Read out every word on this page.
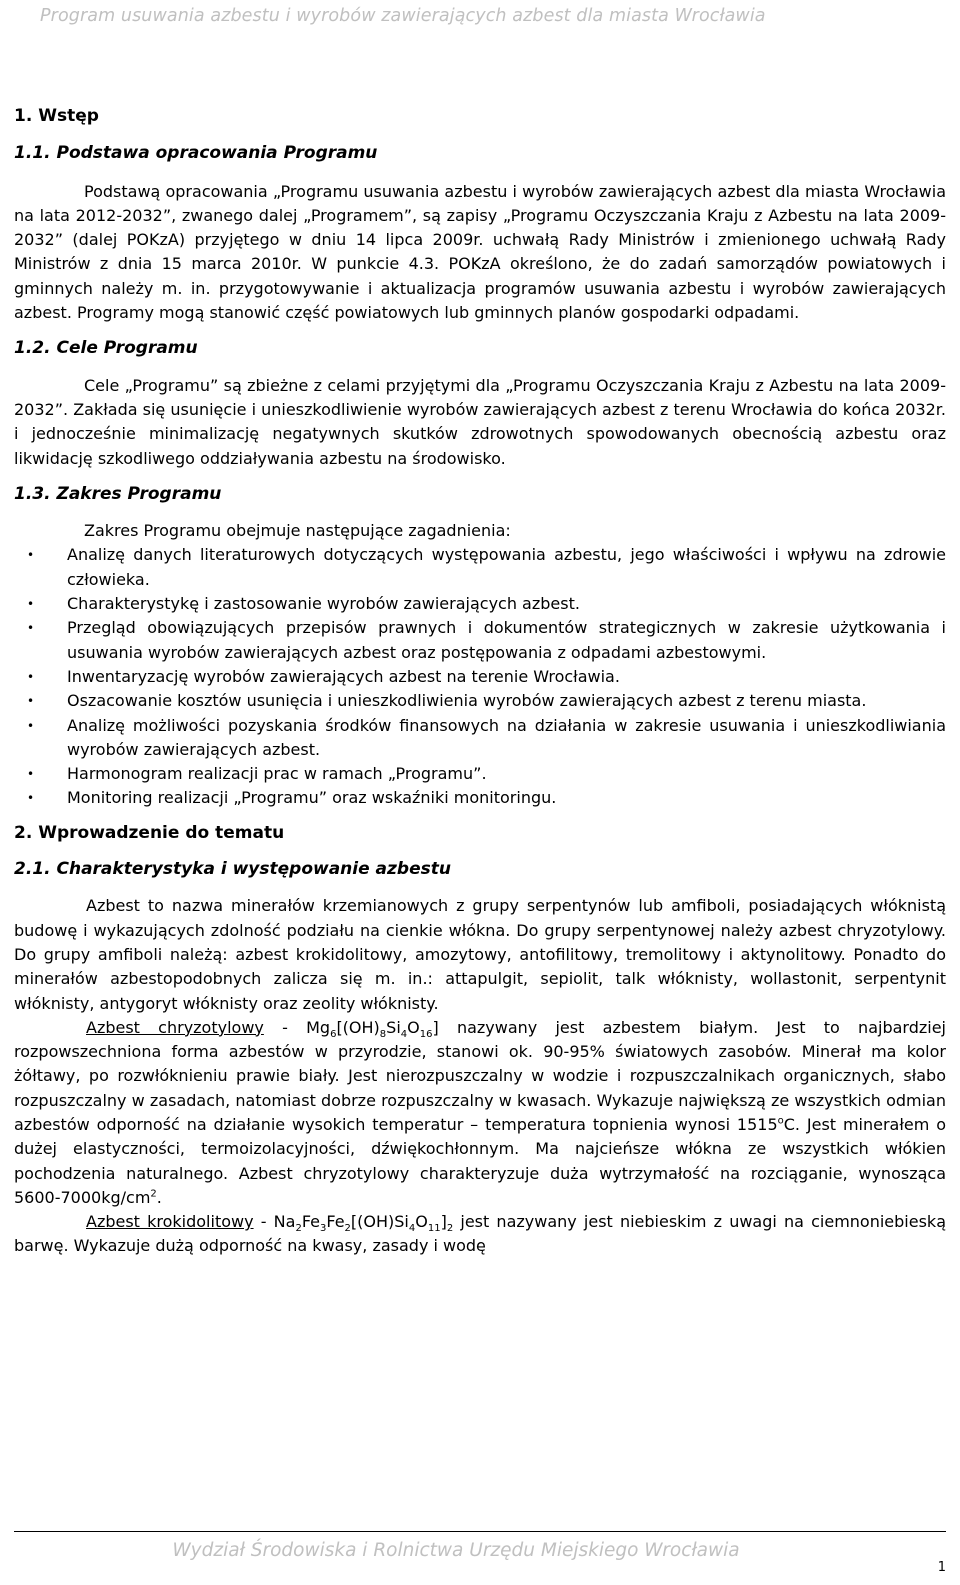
Program usuwania azbestu i wyrobów zawierających azbest dla miasta Wrocławia
1. Wstęp
1.1. Podstawa opracowania Programu

Podstawą opracowania „Programu usuwania azbestu i wyrobów zawierających azbest dla miasta Wrocławia na lata 2012-2032”, zwanego dalej „Programem”, są zapisy „Programu Oczyszczania Kraju z Azbestu na lata 2009-2032” (dalej POKzA) przyjętego w dniu 14 lipca 2009r. uchwałą Rady Ministrów i zmienionego uchwałą Rady Ministrów z dnia 15 marca 2010r. W punkcie 4.3. POKzA określono, że do zadań samorządów powiatowych i gminnych należy m. in. przygotowywanie i aktualizacja programów usuwania azbestu i wyrobów zawierających azbest. Programy mogą stanowić część powiatowych lub gminnych planów gospodarki odpadami.

1.2. Cele Programu

Cele „Programu” są zbieżne z celami przyjętymi dla „Programu Oczyszczania Kraju z Azbestu na lata 2009-2032”. Zakłada się usunięcie i unieszkodliwienie wyrobów zawierających azbest z terenu Wrocławia do końca 2032r. i jednocześnie minimalizację negatywnych skutków zdrowotnych spowodowanych obecnością azbestu oraz likwidację szkodliwego oddziaływania azbestu na środowisko.

1.3. Zakres Programu

Zakres Programu obejmuje następujące zagadnienia:

• Analizę danych literaturowych dotyczących występowania azbestu, jego właściwości i wpływu na zdrowie człowieka.
• Charakterystykę i zastosowanie wyrobów zawierających azbest.
• Przegląd obowiązujących przepisów prawnych i dokumentów strategicznych w zakresie użytkowania i usuwania wyrobów zawierających azbest oraz postępowania z odpadami azbestowymi.
• Inwentaryzację wyrobów zawierających azbest na terenie Wrocławia.
• Oszacowanie kosztów usunięcia i unieszkodliwienia wyrobów zawierających azbest z terenu miasta.
• Analizę możliwości pozyskania środków finansowych na działania w zakresie usuwania i unieszkodliwiania wyrobów zawierających azbest.
• Harmonogram realizacji prac w ramach „Programu”.
• Monitoring realizacji „Programu” oraz wskaźniki monitoringu.
2. Wprowadzenie do tematu
2.1. Charakterystyka i występowanie azbestu

Azbest to nazwa minerałów krzemianowych z grupy serpentynów lub amfiboli, posiadających włóknistą budowę i wykazujących zdolność podziału na cienkie włókna. Do grupy serpentynowej należy azbest chryzotylowy. Do grupy amfiboli należą: azbest krokidolitowy, amozytowy, antofilitowy, tremolitowy i aktynolitowy. Ponadto do minerałów azbestopodobnych zalicza się m. in.: attapulgit, sepiolit, talk włóknisty, wollastonit, serpentynit włóknisty, antygoryt włóknisty oraz zeolity włóknisty.

Azbest chryzotylowy - $Mg_6[(OH)_8Si_4O_{16}]$ nazywany jest azbestem białym. Jest to najbardziej rozpowszechniona forma azbestów w przyrodzie, stanowi ok. 90-95% światowych zasobów. Minerał ma kolor żółtawy, po rozwłóknieniu prawie biały. Jest nierozpuszczalny w wodzie i rozpuszczalnikach organicznych, słabo rozpuszczalny w zasadach, natomiast dobrze rozpuszczalny w kwasach. Wykazuje największą ze wszystkich odmian azbestów odporność na działanie wysokich temperatur – temperatura topnienia wynosi 1515$^o$C. Jest minerałem o dużej elastyczności, termoizolacyjności, dźwiękochłonnym. Ma najcieńsze włókna ze wszystkich włókien pochodzenia naturalnego. Azbest chryzotylowy charakteryzuje duża wytrzymałość na rozciąganie, wynosząca $5600-7000kg/cm^2$.

Azbest krokidolitowy - $Na_2Fe_3Fe_2[(OH)Si_4O_{11}]_2$ jest nazywany jest niebieskim z uwagi na ciemnoniebieską barwę. Wykazuje dużą odporność na kwasy, zasady i wodę

Wydział Środowiska i Rolnictwa Urzędu Miejskiego Wrocławia
1
